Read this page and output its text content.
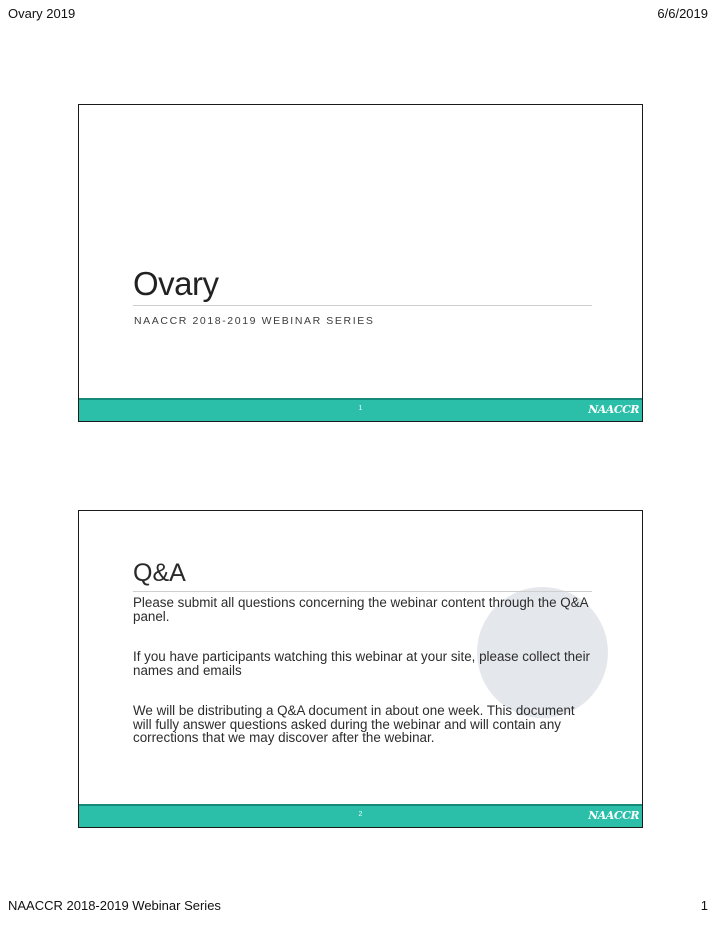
Ovary 2019	6/6/2019
Ovary
NAACCR 2018-2019 WEBINAR SERIES
1	NAACCR
Q&A

Please submit all questions concerning the webinar content through the Q&A panel.

If you have participants watching this webinar at your site, please collect their names and emails

We will be distributing a Q&A document in about one week. This document will fully answer questions asked during the webinar and will contain any corrections that we may discover after the webinar.

2	NAACCR
NAACCR 2018-2019 Webinar Series	1
